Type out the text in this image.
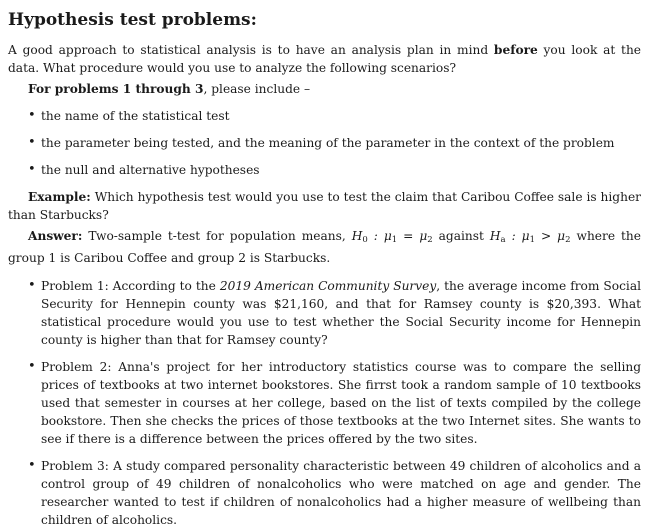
Hypothesis test problems:

A good approach to statistical analysis is to have an analysis plan in mind before you look at the data. What procedure would you use to analyze the following scenarios?

For problems 1 through 3, please include –

• the name of the statistical test
• the parameter being tested, and the meaning of the parameter in the context of the problem
• the null and alternative hypotheses

Example: Which hypothesis test would you use to test the claim that Caribou Coffee sale is higher than Starbucks?

Answer: Two-sample t-test for population means, $H_0$ : $\mu_1 = \mu_2$ against $H_a$ : $\mu_1 > \mu_2$ where the group 1 is Caribou Coffee and group 2 is Starbucks.

• Problem 1: According to the 2019 American Community Survey, the average income from Social Security for Hennepin county was $21,160, and that for Ramsey county is $20,393. What statistical procedure would you use to test whether the Social Security income for Hennepin county is higher than that for Ramsey county?
• Problem 2: Anna's project for her introductory statistics course was to compare the selling prices of textbooks at two internet bookstores. She firrst took a random sample of 10 textbooks used that semester in courses at her college, based on the list of texts compiled by the college bookstore. Then she checks the prices of those textbooks at the two Internet sites. She wants to see if there is a difference between the prices offered by the two sites.
• Problem 3: A study compared personality characteristic between 49 children of alcoholics and a control group of 49 children of nonalcoholics who were matched on age and gender. The researcher wanted to test if children of nonalcoholics had a higher measure of wellbeing than children of alcoholics.
